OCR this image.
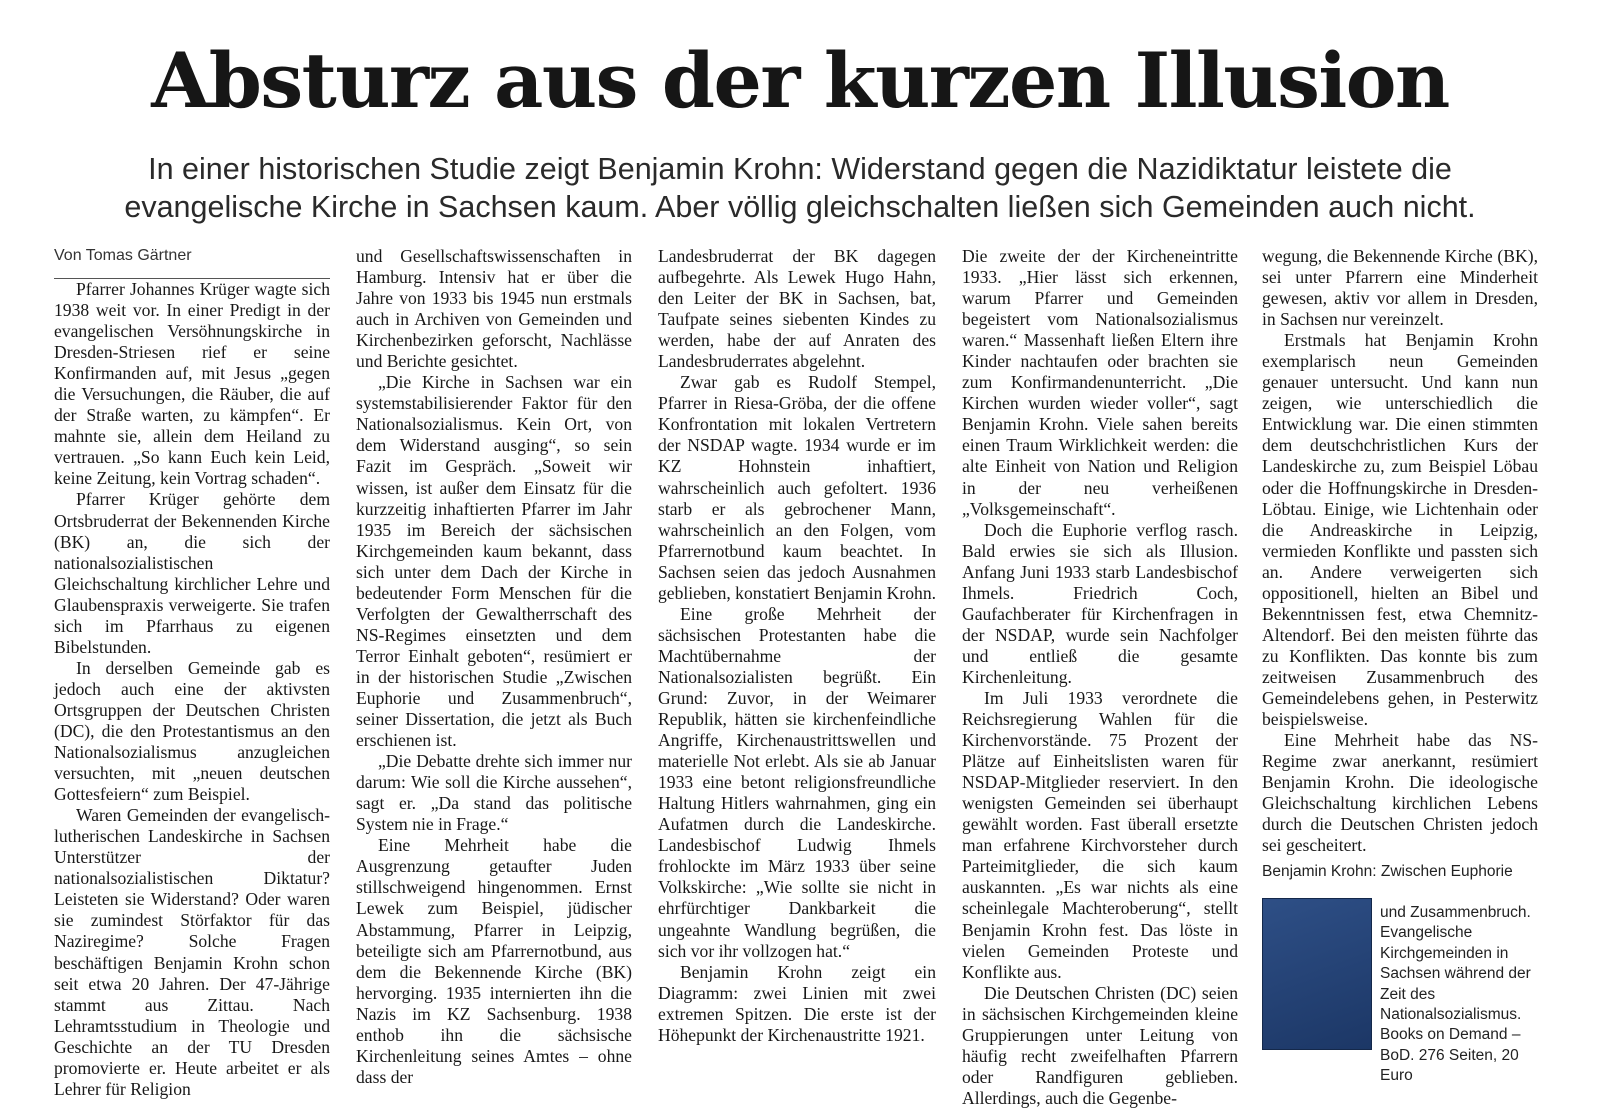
Absturz aus der kurzen Illusion

In einer historischen Studie zeigt Benjamin Krohn: Widerstand gegen die Nazidiktatur leistete die evangelische Kirche in Sachsen kaum. Aber völlig gleichschalten ließen sich Gemeinden auch nicht.

Von Tomas Gärtner

Pfarrer Johannes Krüger wagte sich 1938 weit vor. In einer Predigt in der evangelischen Versöhnungskirche in Dresden-Striesen rief er seine Konfirmanden auf, mit Jesus „gegen die Versuchungen, die Räuber, die auf der Straße warten, zu kämpfen“. Er mahnte sie, allein dem Heiland zu vertrauen. „So kann Euch kein Leid, keine Zeitung, kein Vortrag schaden“.

Pfarrer Krüger gehörte dem Ortsbruderrat der Bekennenden Kirche (BK) an, die sich der nationalsozialistischen Gleichschaltung kirchlicher Lehre und Glaubenspraxis verweigerte. Sie trafen sich im Pfarrhaus zu eigenen Bibelstunden.

In derselben Gemeinde gab es jedoch auch eine der aktivsten Ortsgruppen der Deutschen Christen (DC), die den Protestantismus an den Nationalsozialismus anzugleichen versuchten, mit „neuen deutschen Gottesfeiern“ zum Beispiel.

Waren Gemeinden der evangelisch-lutherischen Landeskirche in Sachsen Unterstützer der nationalsozialistischen Diktatur? Leisteten sie Widerstand? Oder waren sie zumindest Störfaktor für das Naziregime? Solche Fragen beschäftigen Benjamin Krohn schon seit etwa 20 Jahren. Der 47-Jährige stammt aus Zittau. Nach Lehramtsstudium in Theologie und Geschichte an der TU Dresden promovierte er. Heute arbeitet er als Lehrer für Religion

und Gesellschaftswissenschaften in Hamburg. Intensiv hat er über die Jahre von 1933 bis 1945 nun erstmals auch in Archiven von Gemeinden und Kirchenbezirken geforscht, Nachlässe und Berichte gesichtet.

„Die Kirche in Sachsen war ein systemstabilisierender Faktor für den Nationalsozialismus. Kein Ort, von dem Widerstand ausging“, so sein Fazit im Gespräch. „Soweit wir wissen, ist außer dem Einsatz für die kurzzeitig inhaftierten Pfarrer im Jahr 1935 im Bereich der sächsischen Kirchgemeinden kaum bekannt, dass sich unter dem Dach der Kirche in bedeutender Form Menschen für die Verfolgten der Gewaltherrschaft des NS-Regimes einsetzten und dem Terror Einhalt geboten“, resümiert er in der historischen Studie „Zwischen Euphorie und Zusammenbruch“, seiner Dissertation, die jetzt als Buch erschienen ist.

„Die Debatte drehte sich immer nur darum: Wie soll die Kirche aussehen“, sagt er. „Da stand das politische System nie in Frage.“

Eine Mehrheit habe die Ausgrenzung getaufter Juden stillschweigend hingenommen. Ernst Lewek zum Beispiel, jüdischer Abstammung, Pfarrer in Leipzig, beteiligte sich am Pfarrernotbund, aus dem die Bekennende Kirche (BK) hervorging. 1935 internierten ihn die Nazis im KZ Sachsenburg. 1938 enthob ihn die sächsische Kirchenleitung seines Amtes – ohne dass der

Landesbruderrat der BK dagegen aufbegehrte. Als Lewek Hugo Hahn, den Leiter der BK in Sachsen, bat, Taufpate seines siebenten Kindes zu werden, habe der auf Anraten des Landesbruderrates abgelehnt.

Zwar gab es Rudolf Stempel, Pfarrer in Riesa-Gröba, der die offene Konfrontation mit lokalen Vertretern der NSDAP wagte. 1934 wurde er im KZ Hohnstein inhaftiert, wahrscheinlich auch gefoltert. 1936 starb er als gebrochener Mann, wahrscheinlich an den Folgen, vom Pfarrernotbund kaum beachtet. In Sachsen seien das jedoch Ausnahmen geblieben, konstatiert Benjamin Krohn.

Eine große Mehrheit der sächsischen Protestanten habe die Machtübernahme der Nationalsozialisten begrüßt. Ein Grund: Zuvor, in der Weimarer Republik, hätten sie kirchenfeindliche Angriffe, Kirchenaustrittswellen und materielle Not erlebt. Als sie ab Januar 1933 eine betont religionsfreundliche Haltung Hitlers wahrnahmen, ging ein Aufatmen durch die Landeskirche. Landesbischof Ludwig Ihmels frohlockte im März 1933 über seine Volkskirche: „Wie sollte sie nicht in ehrfürchtiger Dankbarkeit die ungeahnte Wandlung begrüßen, die sich vor ihr vollzogen hat.“

Benjamin Krohn zeigt ein Diagramm: zwei Linien mit zwei extremen Spitzen. Die erste ist der Höhepunkt der Kirchenaustritte 1921.

Die zweite der der Kircheneintritte 1933. „Hier lässt sich erkennen, warum Pfarrer und Gemeinden begeistert vom Nationalsozialismus waren.“ Massenhaft ließen Eltern ihre Kinder nachtaufen oder brachten sie zum Konfirmandenunterricht. „Die Kirchen wurden wieder voller“, sagt Benjamin Krohn. Viele sahen bereits einen Traum Wirklichkeit werden: die alte Einheit von Nation und Religion in der neu verheißenen „Volksgemeinschaft“.

Doch die Euphorie verflog rasch. Bald erwies sie sich als Illusion. Anfang Juni 1933 starb Landesbischof Ihmels. Friedrich Coch, Gaufachberater für Kirchenfragen in der NSDAP, wurde sein Nachfolger und entließ die gesamte Kirchenleitung.

Im Juli 1933 verordnete die Reichsregierung Wahlen für die Kirchenvorstände. 75 Prozent der Plätze auf Einheitslisten waren für NSDAP-Mitglieder reserviert. In den wenigsten Gemeinden sei überhaupt gewählt worden. Fast überall ersetzte man erfahrene Kirchvorsteher durch Parteimitglieder, die sich kaum auskannten. „Es war nichts als eine scheinlegale Machteroberung“, stellt Benjamin Krohn fest. Das löste in vielen Gemeinden Proteste und Konflikte aus.

Die Deutschen Christen (DC) seien in sächsischen Kirchgemeinden kleine Gruppierungen unter Leitung von häufig recht zweifelhaften Pfarrern oder Randfiguren geblieben. Allerdings, auch die Gegenbe-

wegung, die Bekennende Kirche (BK), sei unter Pfarrern eine Minderheit gewesen, aktiv vor allem in Dresden, in Sachsen nur vereinzelt.

Erstmals hat Benjamin Krohn exemplarisch neun Gemeinden genauer untersucht. Und kann nun zeigen, wie unterschiedlich die Entwicklung war. Die einen stimmten dem deutschchristlichen Kurs der Landeskirche zu, zum Beispiel Löbau oder die Hoffnungskirche in Dresden-Löbtau. Einige, wie Lichtenhain oder die Andreaskirche in Leipzig, vermieden Konflikte und passten sich an. Andere verweigerten sich oppositionell, hielten an Bibel und Bekenntnissen fest, etwa Chemnitz-Altendorf. Bei den meisten führte das zu Konflikten. Das konnte bis zum zeitweisen Zusammenbruch des Gemeindelebens gehen, in Pesterwitz beispielsweise.

Eine Mehrheit habe das NS-Regime zwar anerkannt, resümiert Benjamin Krohn. Die ideologische Gleichschaltung kirchlichen Lebens durch die Deutschen Christen jedoch sei gescheitert.

Benjamin Krohn: Zwischen Euphorie
und Zusammenbruch. Evangelische Kirchgemeinden in Sachsen während der Zeit des Nationalsozialismus. Books on Demand – BoD. 276 Seiten, 20 Euro
